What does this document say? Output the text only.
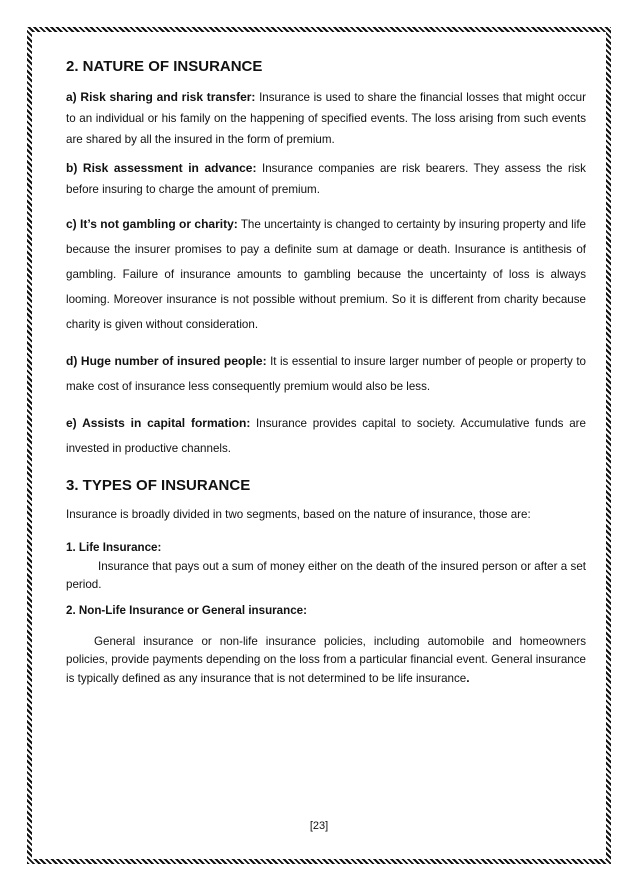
2. NATURE OF INSURANCE

a) Risk sharing and risk transfer: Insurance is used to share the financial losses that might occur to an individual or his family on the happening of specified events. The loss arising from such events are shared by all the insured in the form of premium.

b) Risk assessment in advance: Insurance companies are risk bearers. They assess the risk before insuring to charge the amount of premium.

c) It’s not gambling or charity: The uncertainty is changed to certainty by insuring property and life because the insurer promises to pay a definite sum at damage or death. Insurance is antithesis of gambling. Failure of insurance amounts to gambling because the uncertainty of loss is always looming. Moreover insurance is not possible without premium. So it is different from charity because charity is given without consideration.

d) Huge number of insured people: It is essential to insure larger number of people or property to make cost of insurance less consequently premium would also be less.

e) Assists in capital formation: Insurance provides capital to society. Accumulative funds are invested in productive channels.

3. TYPES OF INSURANCE

Insurance is broadly divided in two segments, based on the nature of insurance, those are:

1. Life Insurance:

Insurance that pays out a sum of money either on the death of the insured person or after a set period.

2. Non-Life Insurance or General insurance:

General insurance or non-life insurance policies, including automobile and homeowners policies, provide payments depending on the loss from a particular financial event. General insurance is typically defined as any insurance that is not determined to be life insurance.

[23]
